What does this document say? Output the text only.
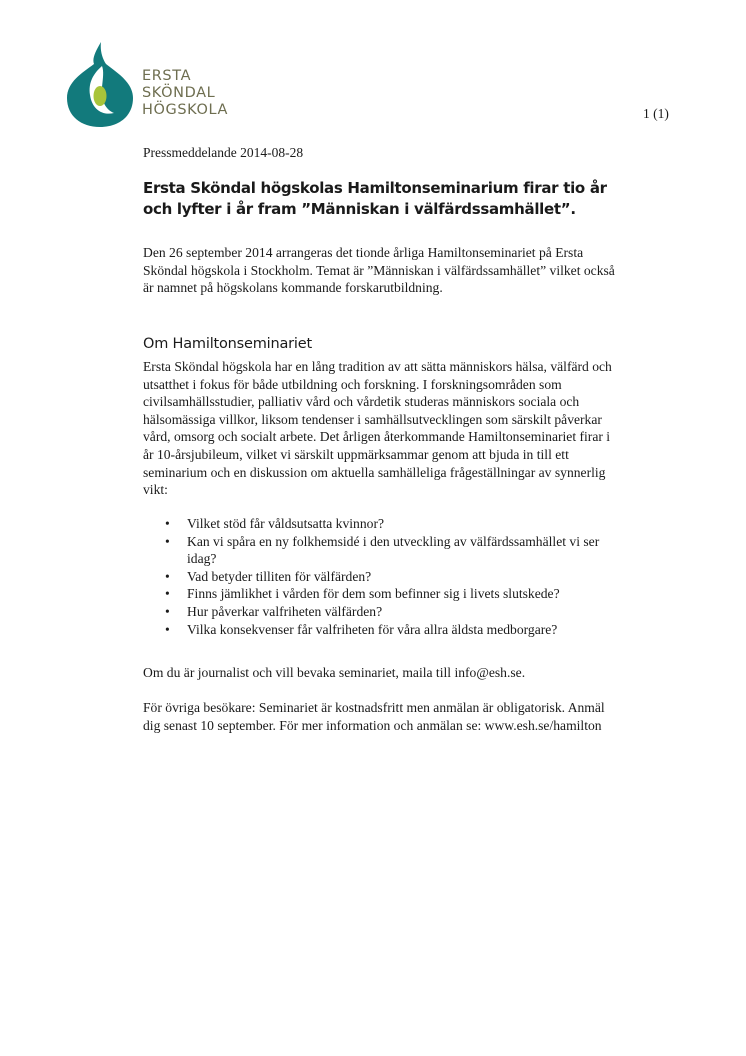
ERSTA
SKÖNDAL
HÖGSKOLA	1 (1)
Pressmeddelande 2014-08-28
Ersta Sköndal högskolas Hamiltonseminarium firar tio år och lyfter i år fram ”Människan i välfärdssamhället”.

Den 26 september 2014 arrangeras det tionde årliga Hamiltonseminariet på Ersta Sköndal högskola i Stockholm. Temat är ”Människan i välfärdssamhället” vilket också är namnet på högskolans kommande forskarutbildning.

Om Hamiltonseminariet

Ersta Sköndal högskola har en lång tradition av att sätta människors hälsa, välfärd och utsatthet i fokus för både utbildning och forskning. I forskningsområden som civilsamhällsstudier, palliativ vård och vårdetik studeras människors sociala och hälsomässiga villkor, liksom tendenser i samhällsutvecklingen som särskilt påverkar vård, omsorg och socialt arbete. Det årligen återkommande Hamiltonseminariet firar i år 10-årsjubileum, vilket vi särskilt uppmärksammar genom att bjuda in till ett seminarium och en diskussion om aktuella samhälleliga frågeställningar av synnerlig vikt:

• Vilket stöd får våldsutsatta kvinnor?
• Kan vi spåra en ny folkhemsidé i den utveckling av välfärdssamhället vi ser idag?
• Vad betyder tilliten för välfärden?
• Finns jämlikhet i vården för dem som befinner sig i livets slutskede?
• Hur påverkar valfriheten välfärden?
• Vilka konsekvenser får valfriheten för våra allra äldsta medborgare?

Om du är journalist och vill bevaka seminariet, maila till info@esh.se.

För övriga besökare: Seminariet är kostnadsfritt men anmälan är obligatorisk. Anmäl dig senast 10 september. För mer information och anmälan se: www.esh.se/hamilton
